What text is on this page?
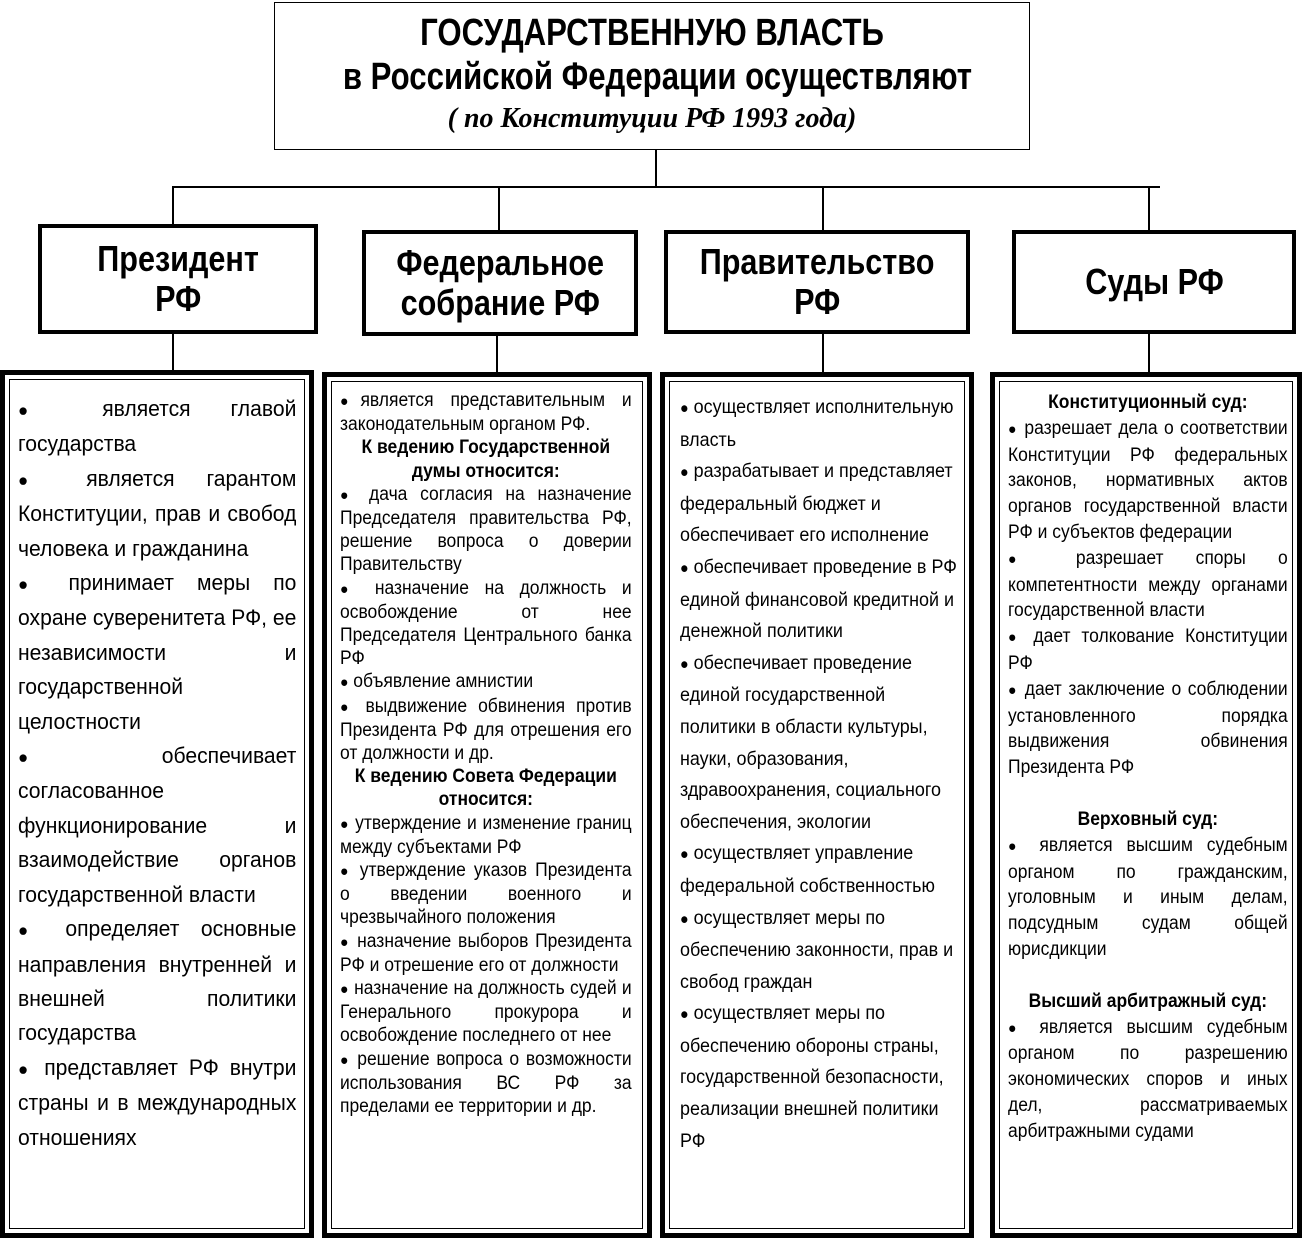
ГОСУДАРСТВЕННУЮ ВЛАСТЬ
в Российской Федерации осуществляют
( по Конституции РФ 1993 года)
Президент
РФ
Федеральное
собрание РФ
Правительство
РФ	Суды РФ

● является главой государства

● является гарантом Конституции, прав и свобод человека и гражданина

● принимает меры по охране суверенитета РФ, ее независимости и государственной целостности

●	обеспечивает согласованное функционирование и взаимодействие органов государственной власти

● определяет основные направления внутренней и внешней политики государства

● представляет РФ внутри страны и в международных отношениях

●является представительным и законодательным органом РФ.

К ведению Государственной думы относится:

● дача согласия на назначение Председателя правительства РФ, решение вопроса о доверии Правительству

● назначение на должность и освобождение от нее Председателя Центрального банка РФ

● объявление амнистии

● выдвижение обвинения против Президента РФ для отрешения его от должности и др.

К ведению Совета Федерации относится:

● утверждение и изменение границ между субъектами РФ

● утверждение указов Президента о введении военного и чрезвычайного положения

● назначение выборов Президента РФ и отрешение его от должности

● назначение на должность судей и Генерального прокурора и освобождение последнего от нее

● решение вопроса о возможности использования ВС РФ за пределами ее территории и др.

● осуществляет исполнительную власть

● разрабатывает и представляет федеральный бюджет и обеспечивает его исполнение

● обеспечивает проведение в РФ единой финансовой кредитной и денежной политики

● обеспечивает проведение единой государственной политики в области культуры, науки, образования, здравоохранения, социального обеспечения, экологии

● осуществляет управление федеральной собственностью

● осуществляет меры по обеспечению законности, прав и свобод граждан

● осуществляет меры по обеспечению обороны страны, государственной безопасности, реализации внешней политики РФ

Конституционный суд:

● разрешает дела о соответствии Конституции РФ федеральных законов, нормативных актов органов государственной власти РФ и субъектов федерации

● разрешает споры о компетентности между органами государственной власти

● дает толкование Конституции РФ

● дает заключение о соблюдении установленного порядка выдвижения обвинения Президента РФ

Верховный суд:

● является высшим судебным органом по гражданским, уголовным и иным делам, подсудным судам общей юрисдикции

Высший арбитражный суд:

● является высшим судебным органом по разрешению экономических споров и иных дел, рассматриваемых арбитражными судами
